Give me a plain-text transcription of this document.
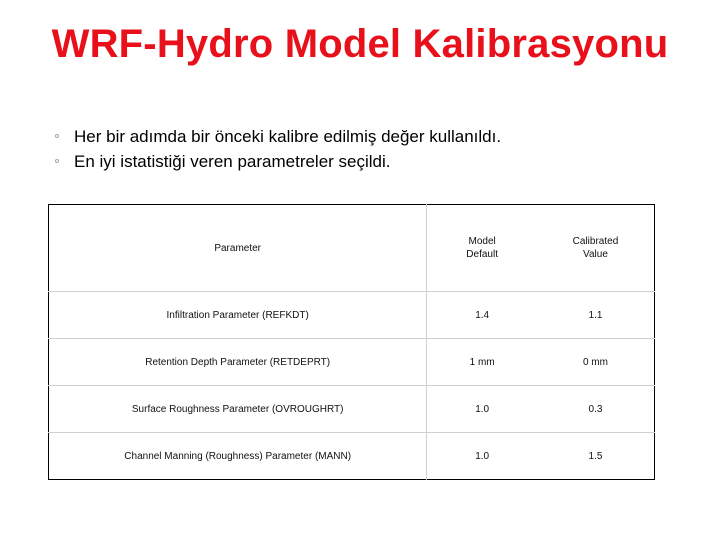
WRF-Hydro Model Kalibrasyonu
Her bir adımda bir önceki kalibre edilmiş değer kullanıldı.
En iyi istatistiği veren parametreler seçildi.
Parameter	Model Default	Calibrated Value
Infiltration Parameter (REFKDT)	1.4	1.1
Retention Depth Parameter (RETDEPRT)	1 mm	0 mm
Surface Roughness Parameter (OVROUGHRT)	1.0	0.3
Channel Manning (Roughness) Parameter (MANN)	1.0	1.5
